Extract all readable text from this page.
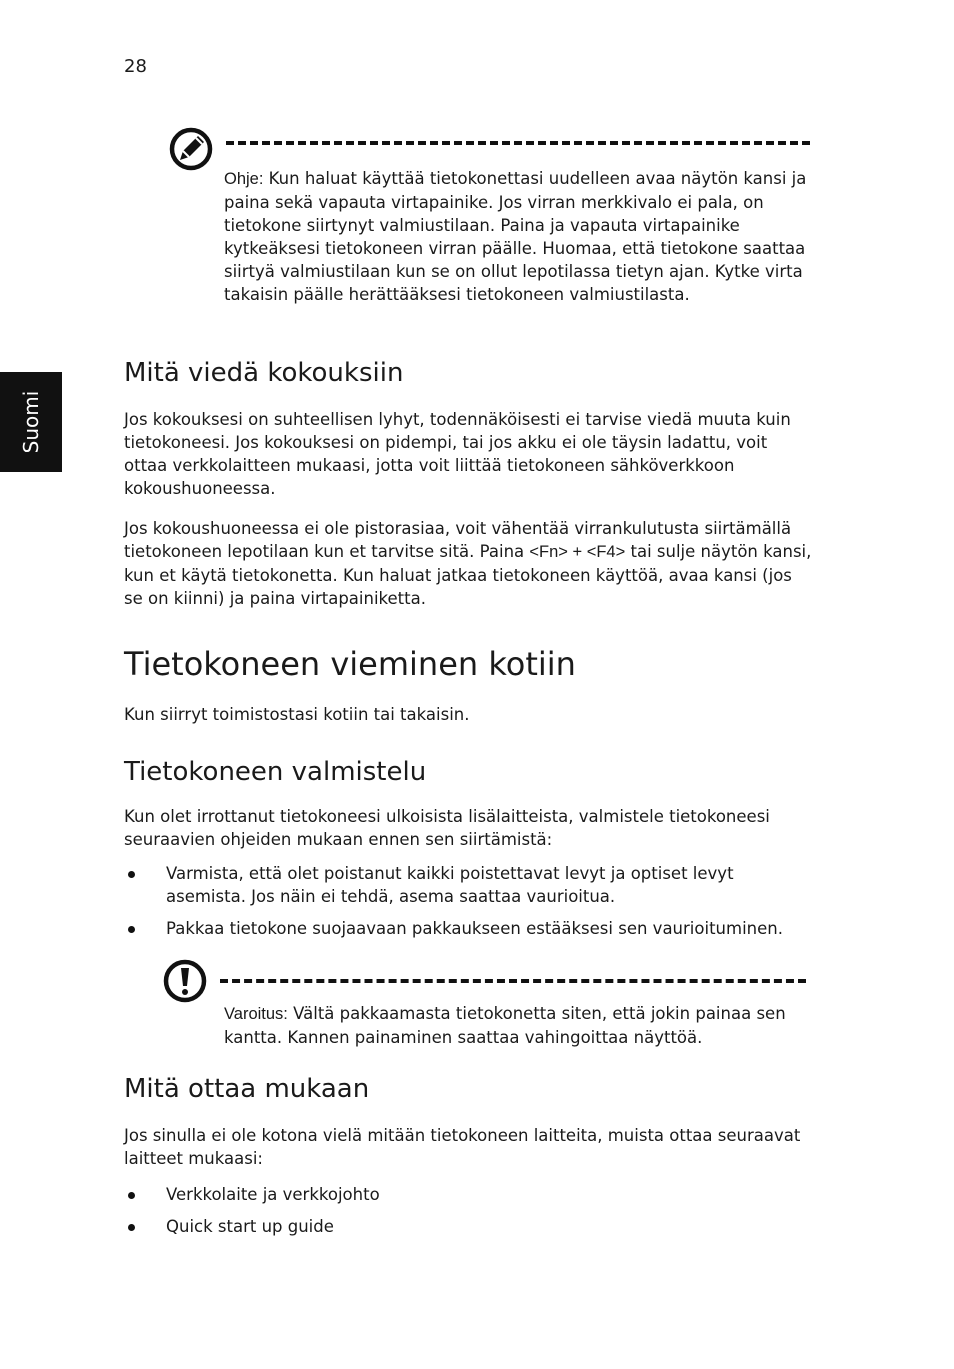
28
Suomi

Ohje: Kun haluat käyttää tietokonettasi uudelleen avaa näytön kansi ja paina sekä vapauta virtapainike. Jos virran merkkivalo ei pala, on tietokone siirtynyt valmiustilaan. Paina ja vapauta virtapainike kytkeäksesi tietokoneen virran päälle. Huomaa, että tietokone saattaa siirtyä valmiustilaan kun se on ollut lepotilassa tietyn ajan. Kytke virta takaisin päälle herättääksesi tietokoneen valmiustilasta.

Mitä viedä kokouksiin

Jos kokouksesi on suhteellisen lyhyt, todennäköisesti ei tarvise viedä muuta kuin tietokoneesi. Jos kokouksesi on pidempi, tai jos akku ei ole täysin ladattu, voit ottaa verkkolaitteen mukaasi, jotta voit liittää tietokoneen sähköverkkoon kokoushuoneessa.

Jos kokoushuoneessa ei ole pistorasiaa, voit vähentää virrankulutusta siirtämällä tietokoneen lepotilaan kun et tarvitse sitä. Paina <Fn> + <F4> tai sulje näytön kansi, kun et käytä tietokonetta. Kun haluat jatkaa tietokoneen käyttöä, avaa kansi (jos se on kiinni) ja paina virtapainiketta.

Tietokoneen vieminen kotiin

Kun siirryt toimistostasi kotiin tai takaisin.

Tietokoneen valmistelu

Kun olet irrottanut tietokoneesi ulkoisista lisälaitteista, valmistele tietokoneesi seuraavien ohjeiden mukaan ennen sen siirtämistä:

Varmista, että olet poistanut kaikki poistettavat levyt ja optiset levyt asemista. Jos näin ei tehdä, asema saattaa vaurioitua.
Pakkaa tietokone suojaavaan pakkaukseen estääksesi sen vaurioituminen.

Varoitus: Vältä pakkaamasta tietokonetta siten, että jokin painaa sen kantta. Kannen painaminen saattaa vahingoittaa näyttöä.

Mitä ottaa mukaan

Jos sinulla ei ole kotona vielä mitään tietokoneen laitteita, muista ottaa seuraavat laitteet mukaasi:

Verkkolaite ja verkkojohto
Quick start up guide
